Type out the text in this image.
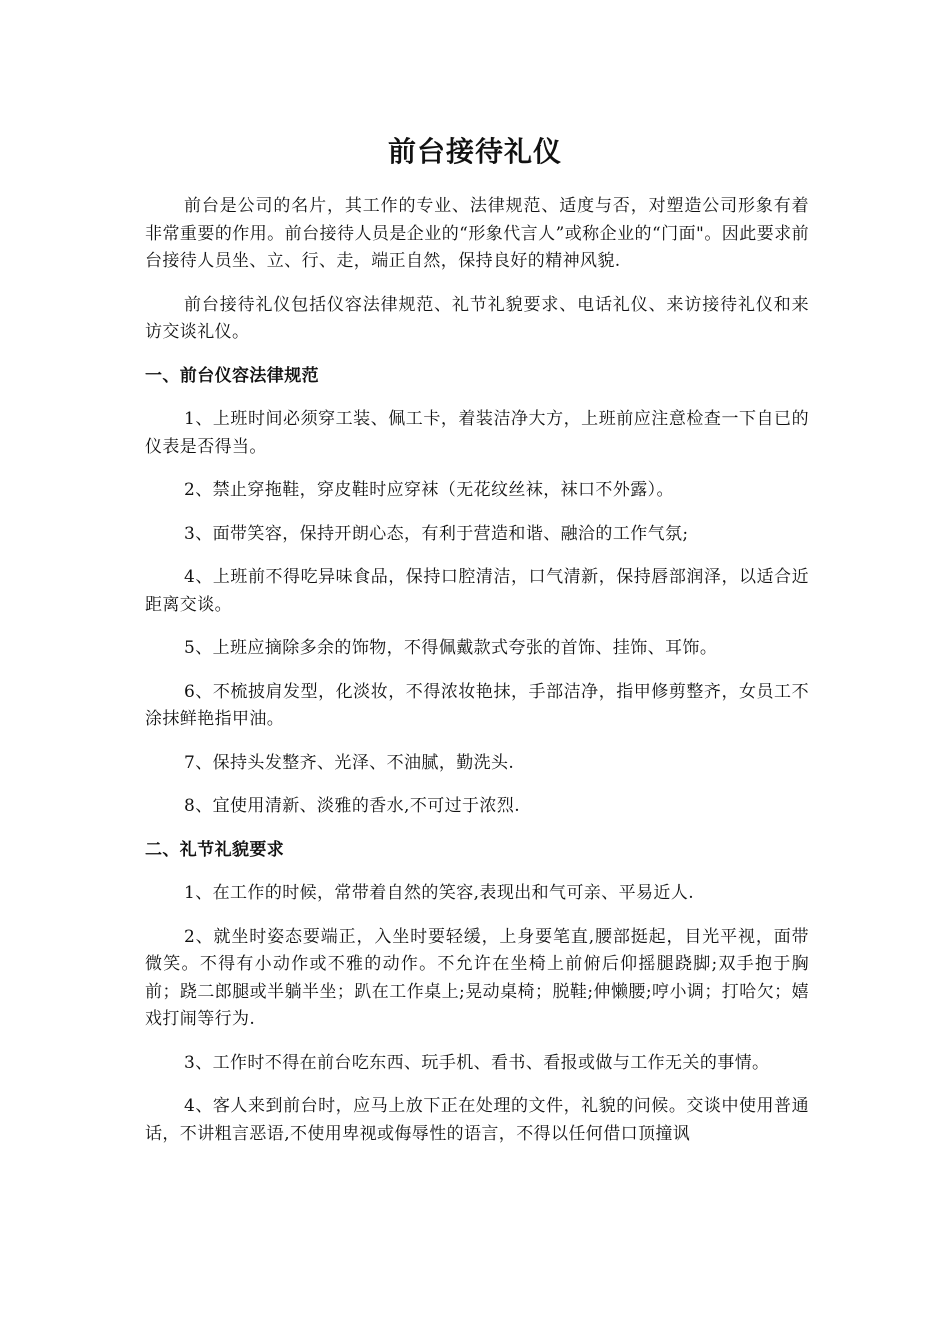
前台接待礼仪

前台是公司的名片，其工作的专业、法律规范、适度与否，对塑造公司形象有着非常重要的作用。前台接待人员是企业的“形象代言人”或称企业的“门面"。因此要求前台接待人员坐、立、行、走，端正自然，保持良好的精神风貌.

前台接待礼仪包括仪容法律规范、礼节礼貌要求、电话礼仪、来访接待礼仪和来访交谈礼仪。

一、前台仪容法律规范

1、上班时间必须穿工装、佩工卡，着装洁净大方，上班前应注意检查一下自已的仪表是否得当。

2、禁止穿拖鞋，穿皮鞋时应穿袜（无花纹丝袜，袜口不外露）。

3、面带笑容，保持开朗心态，有利于营造和谐、融洽的工作气氛;

4、上班前不得吃异味食品，保持口腔清洁，口气清新，保持唇部润泽，以适合近距离交谈。

5、上班应摘除多余的饰物，不得佩戴款式夸张的首饰、挂饰、耳饰。

6、不梳披肩发型，化淡妆，不得浓妆艳抹，手部洁净，指甲修剪整齐，女员工不涂抹鲜艳指甲油。

7、保持头发整齐、光泽、不油腻，勤洗头.

8、宜使用清新、淡雅的香水,不可过于浓烈.

二、礼节礼貌要求

1、在工作的时候，常带着自然的笑容,表现出和气可亲、平易近人.

2、就坐时姿态要端正，入坐时要轻缓，上身要笔直,腰部挺起，目光平视，面带微笑。不得有小动作或不雅的动作。不允许在坐椅上前俯后仰摇腿跷脚;双手抱于胸前；跷二郎腿或半躺半坐；趴在工作桌上;晃动桌椅；脱鞋;伸懒腰;哼小调；打哈欠；嬉戏打闹等行为.

3、工作时不得在前台吃东西、玩手机、看书、看报或做与工作无关的事情。

4、客人来到前台时，应马上放下正在处理的文件，礼貌的问候。交谈中使用普通话，不讲粗言恶语,不使用卑视或侮辱性的语言，不得以任何借口顶撞讽
